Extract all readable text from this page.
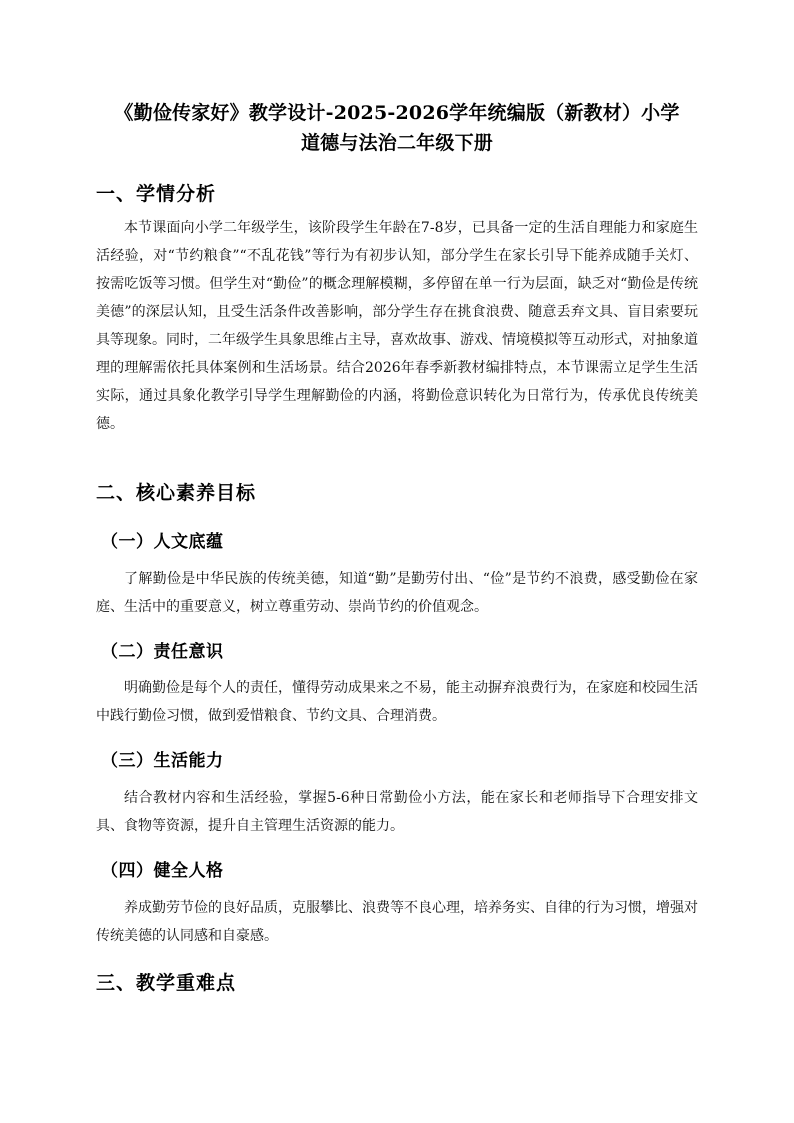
《勤俭传家好》教学设计-2025-2026学年统编版（新教材）小学
道德与法治二年级下册
一、学情分析
本节课面向小学二年级学生，该阶段学生年龄在7-8岁，已具备一定的生活自理能力和家庭生活经验，对“节约粮食”“不乱花钱”等行为有初步认知，部分学生在家长引导下能养成随手关灯、按需吃饭等习惯。但学生对“勤俭”的概念理解模糊，多停留在单一行为层面，缺乏对“勤俭是传统美德”的深层认知，且受生活条件改善影响，部分学生存在挑食浪费、随意丢弃文具、盲目索要玩具等现象。同时，二年级学生具象思维占主导，喜欢故事、游戏、情境模拟等互动形式，对抽象道理的理解需依托具体案例和生活场景。结合2026年春季新教材编排特点，本节课需立足学生生活实际，通过具象化教学引导学生理解勤俭的内涵，将勤俭意识转化为日常行为，传承优良传统美德。
二、核心素养目标
（一）人文底蕴
了解勤俭是中华民族的传统美德，知道“勤”是勤劳付出、“俭”是节约不浪费，感受勤俭在家庭、生活中的重要意义，树立尊重劳动、崇尚节约的价值观念。
（二）责任意识
明确勤俭是每个人的责任，懂得劳动成果来之不易，能主动摒弃浪费行为，在家庭和校园生活中践行勤俭习惯，做到爱惜粮食、节约文具、合理消费。
（三）生活能力
结合教材内容和生活经验，掌握5-6种日常勤俭小方法，能在家长和老师指导下合理安排文具、食物等资源，提升自主管理生活资源的能力。
（四）健全人格
养成勤劳节俭的良好品质，克服攀比、浪费等不良心理，培养务实、自律的行为习惯，增强对传统美德的认同感和自豪感。
三、教学重难点
